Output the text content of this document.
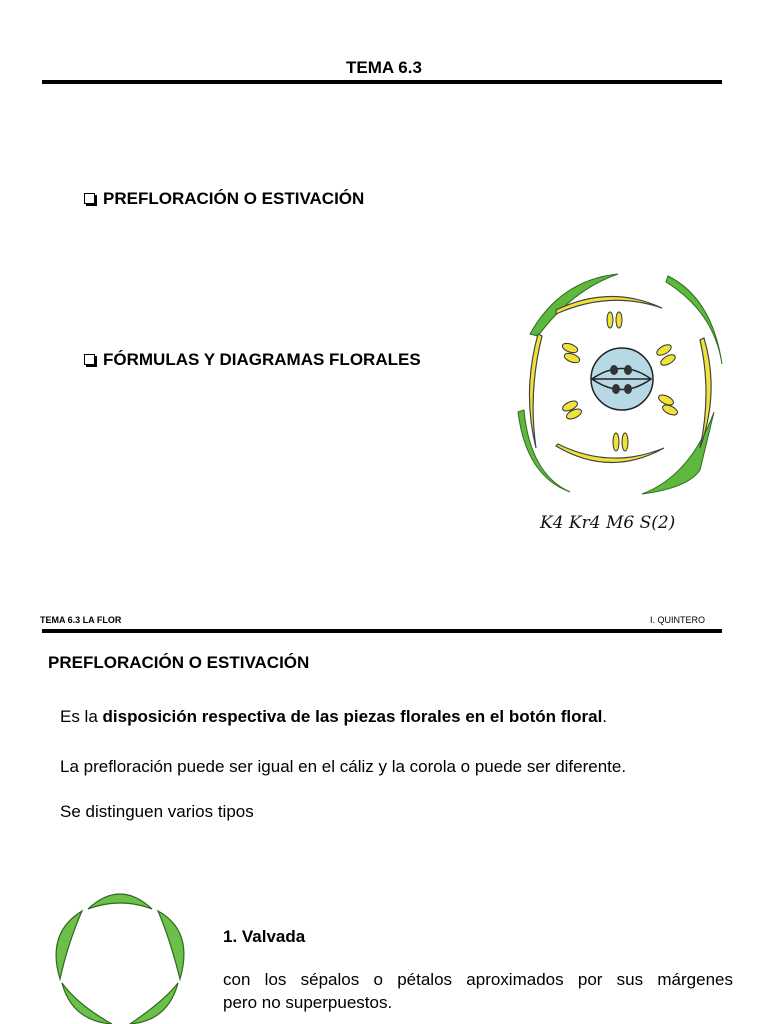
TEMA 6.3
PREFLORACIÓN O ESTIVACIÓN
FÓRMULAS Y DIAGRAMAS FLORALES
K4 Kr4 M6 S(2)
TEMA 6.3 LA FLOR	I. QUINTERO
PREFLORACIÓN O ESTIVACIÓN
Es la disposición respectiva de las piezas florales en el botón floral.
La prefloración puede ser igual en el cáliz y la corola o puede ser diferente.
Se distinguen varios tipos
1. Valvada
con los sépalos o pétalos aproximados por sus márgenes
pero no superpuestos.
